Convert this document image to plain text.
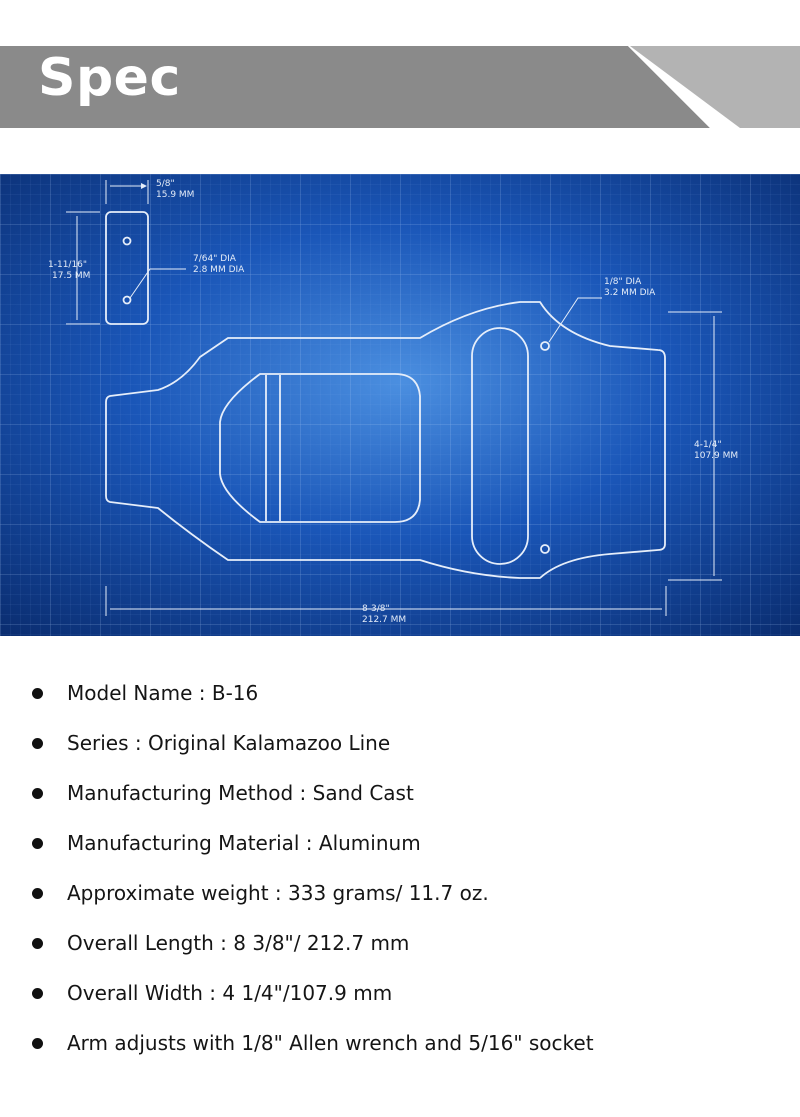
Spec
5/8"
15.9 MM
1-11/16"
17.5 MM
7/64" DIA
2.8 MM DIA
1/8" DIA
3.2 MM DIA
4-1/4"
107.9 MM
8-3/8"
212.7 MM
Model Name : B-16
Series : Original Kalamazoo Line
Manufacturing Method : Sand Cast
Manufacturing Material : Aluminum
Approximate weight : 333 grams/ 11.7 oz.
Overall Length : 8 3/8"/ 212.7 mm
Overall Width : 4 1/4"/107.9 mm
Arm adjusts with 1/8" Allen wrench and 5/16" socket
